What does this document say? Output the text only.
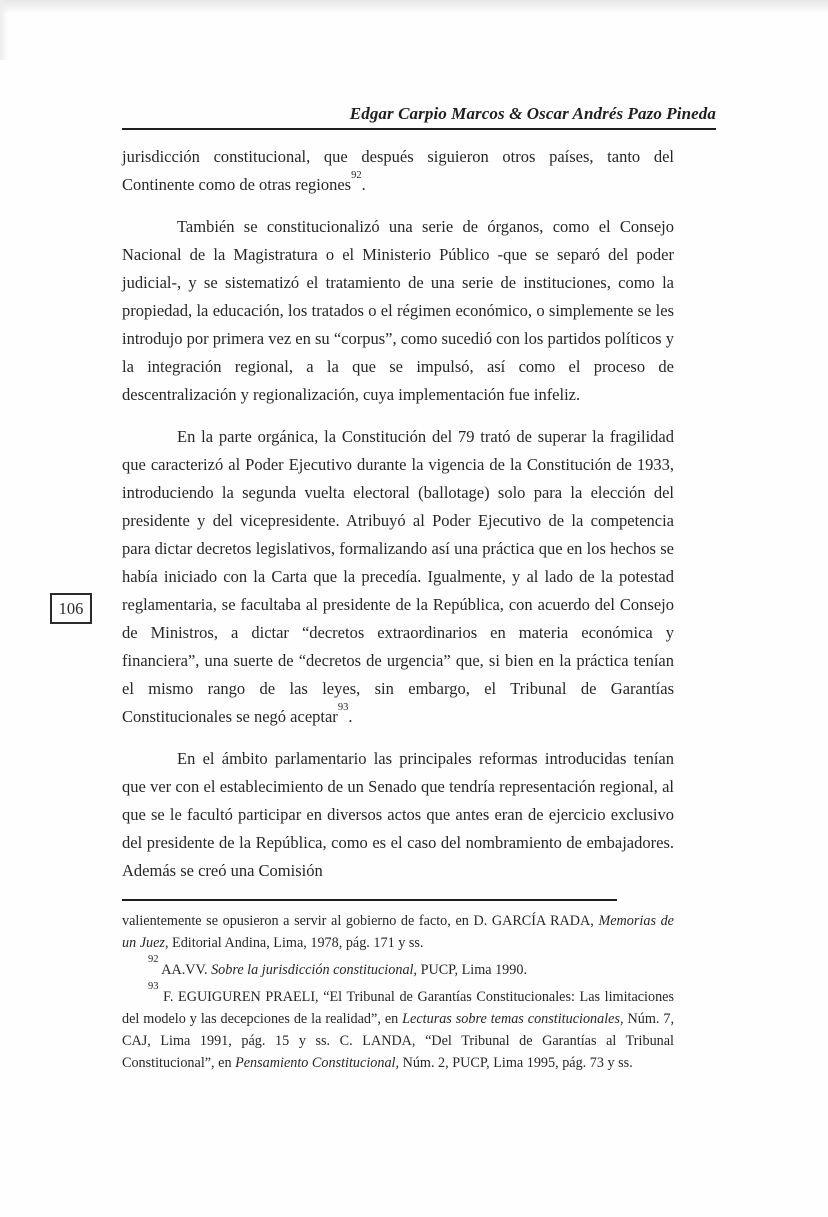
106
Edgar Carpio Marcos & Oscar Andrés Pazo Pineda

jurisdicción constitucional, que después siguieron otros países, tanto del Continente como de otras regiones$^{92}$.

También se constitucionalizó una serie de órganos, como el Consejo Nacional de la Magistratura o el Ministerio Público -que se separó del poder judicial-, y se sistematizó el tratamiento de una serie de instituciones, como la propiedad, la educación, los tratados o el régimen económico, o simplemente se les introdujo por primera vez en su “corpus”, como sucedió con los partidos políticos y la integración regional, a la que se impulsó, así como el proceso de descentralización y regionalización, cuya implementación fue infeliz.

En la parte orgánica, la Constitución del 79 trató de superar la fragilidad que caracterizó al Poder Ejecutivo durante la vigencia de la Constitución de 1933, introduciendo la segunda vuelta electoral (ballotage) solo para la elección del presidente y del vicepresidente. Atribuyó al Poder Ejecutivo de la competencia para dictar decretos legislativos, formalizando así una práctica que en los hechos se había iniciado con la Carta que la precedía. Igualmente, y al lado de la potestad reglamentaria, se facultaba al presidente de la República, con acuerdo del Consejo de Ministros, a dictar “decretos extraordinarios en materia económica y financiera”, una suerte de “decretos de urgencia” que, si bien en la práctica tenían el mismo rango de las leyes, sin embargo, el Tribunal de Garantías Constitucionales se negó aceptar$^{93}$.

En el ámbito parlamentario las principales reformas introducidas tenían que ver con el establecimiento de un Senado que tendría representación regional, al que se le facultó participar en diversos actos que antes eran de ejercicio exclusivo del presidente de la República, como es el caso del nombramiento de embajadores. Además se creó una Comisión

valientemente se opusieron a servir al gobierno de facto, en D. GARCÍA RADA, Memorias de un Juez, Editorial Andina, Lima, 1978, pág. 171 y ss.

$^{92}$ AA.VV. Sobre la jurisdicción constitucional, PUCP, Lima 1990.

$^{93}$ F. EGUIGUREN PRAELI, “El Tribunal de Garantías Constitucionales: Las limitaciones del modelo y las decepciones de la realidad”, en Lecturas sobre temas constitucionales, Núm. 7, CAJ, Lima 1991, pág. 15 y ss. C. LANDA, “Del Tribunal de Garantías al Tribunal Constitucional”, en Pensamiento Constitucional, Núm. 2, PUCP, Lima 1995, pág. 73 y ss.
